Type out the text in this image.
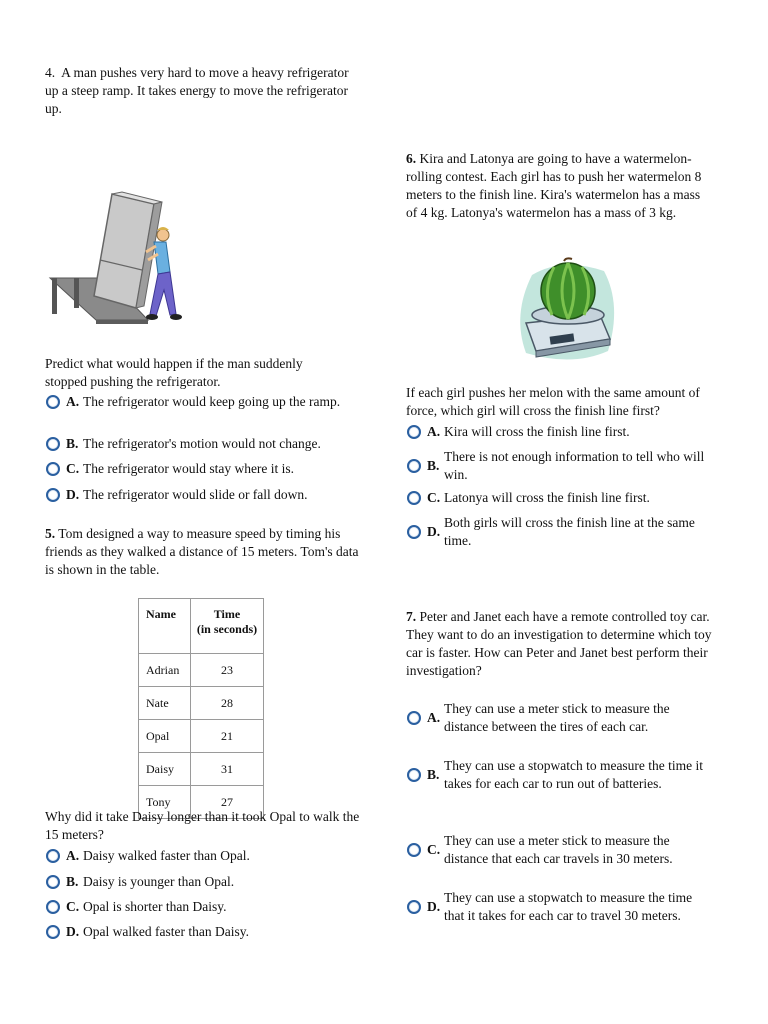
4. A man pushes very hard to move a heavy refrigerator up a steep ramp. It takes energy to move the refrigerator up.
Predict what would happen if the man suddenly stopped pushing the refrigerator.
A. The refrigerator would keep going up the ramp.
B. The refrigerator's motion would not change.
C. The refrigerator would stay where it is.
D. The refrigerator would slide or fall down.
5. Tom designed a way to measure speed by timing his friends as they walked a distance of 15 meters. Tom's data is shown in the table.
Name	Time
(in seconds)

Adrian	23
Nate	28
Opal	21
Daisy	31
Tony	27
Why did it take Daisy longer than it took Opal to walk the 15 meters?
A. Daisy walked faster than Opal.
B. Daisy is younger than Opal.
C. Opal is shorter than Daisy.
D. Opal walked faster than Daisy.
6. Kira and Latonya are going to have a watermelon-rolling contest. Each girl has to push her watermelon 8 meters to the finish line. Kira's watermelon has a mass of 4 kg. Latonya's watermelon has a mass of 3 kg.
If each girl pushes her melon with the same amount of force, which girl will cross the finish line first?
A. Kira will cross the finish line first.
B.
There is not enough information to tell who will win.
C. Latonya will cross the finish line first.
D.
Both girls will cross the finish line at the same time.
7. Peter and Janet each have a remote controlled toy car. They want to do an investigation to determine which toy car is faster. How can Peter and Janet best perform their investigation?
A.
They can use a meter stick to measure the distance between the tires of each car.
B.
They can use a stopwatch to measure the time it takes for each car to run out of batteries.
C.
They can use a meter stick to measure the distance that each car travels in 30 meters.
D.
They can use a stopwatch to measure the time that it takes for each car to travel 30 meters.
